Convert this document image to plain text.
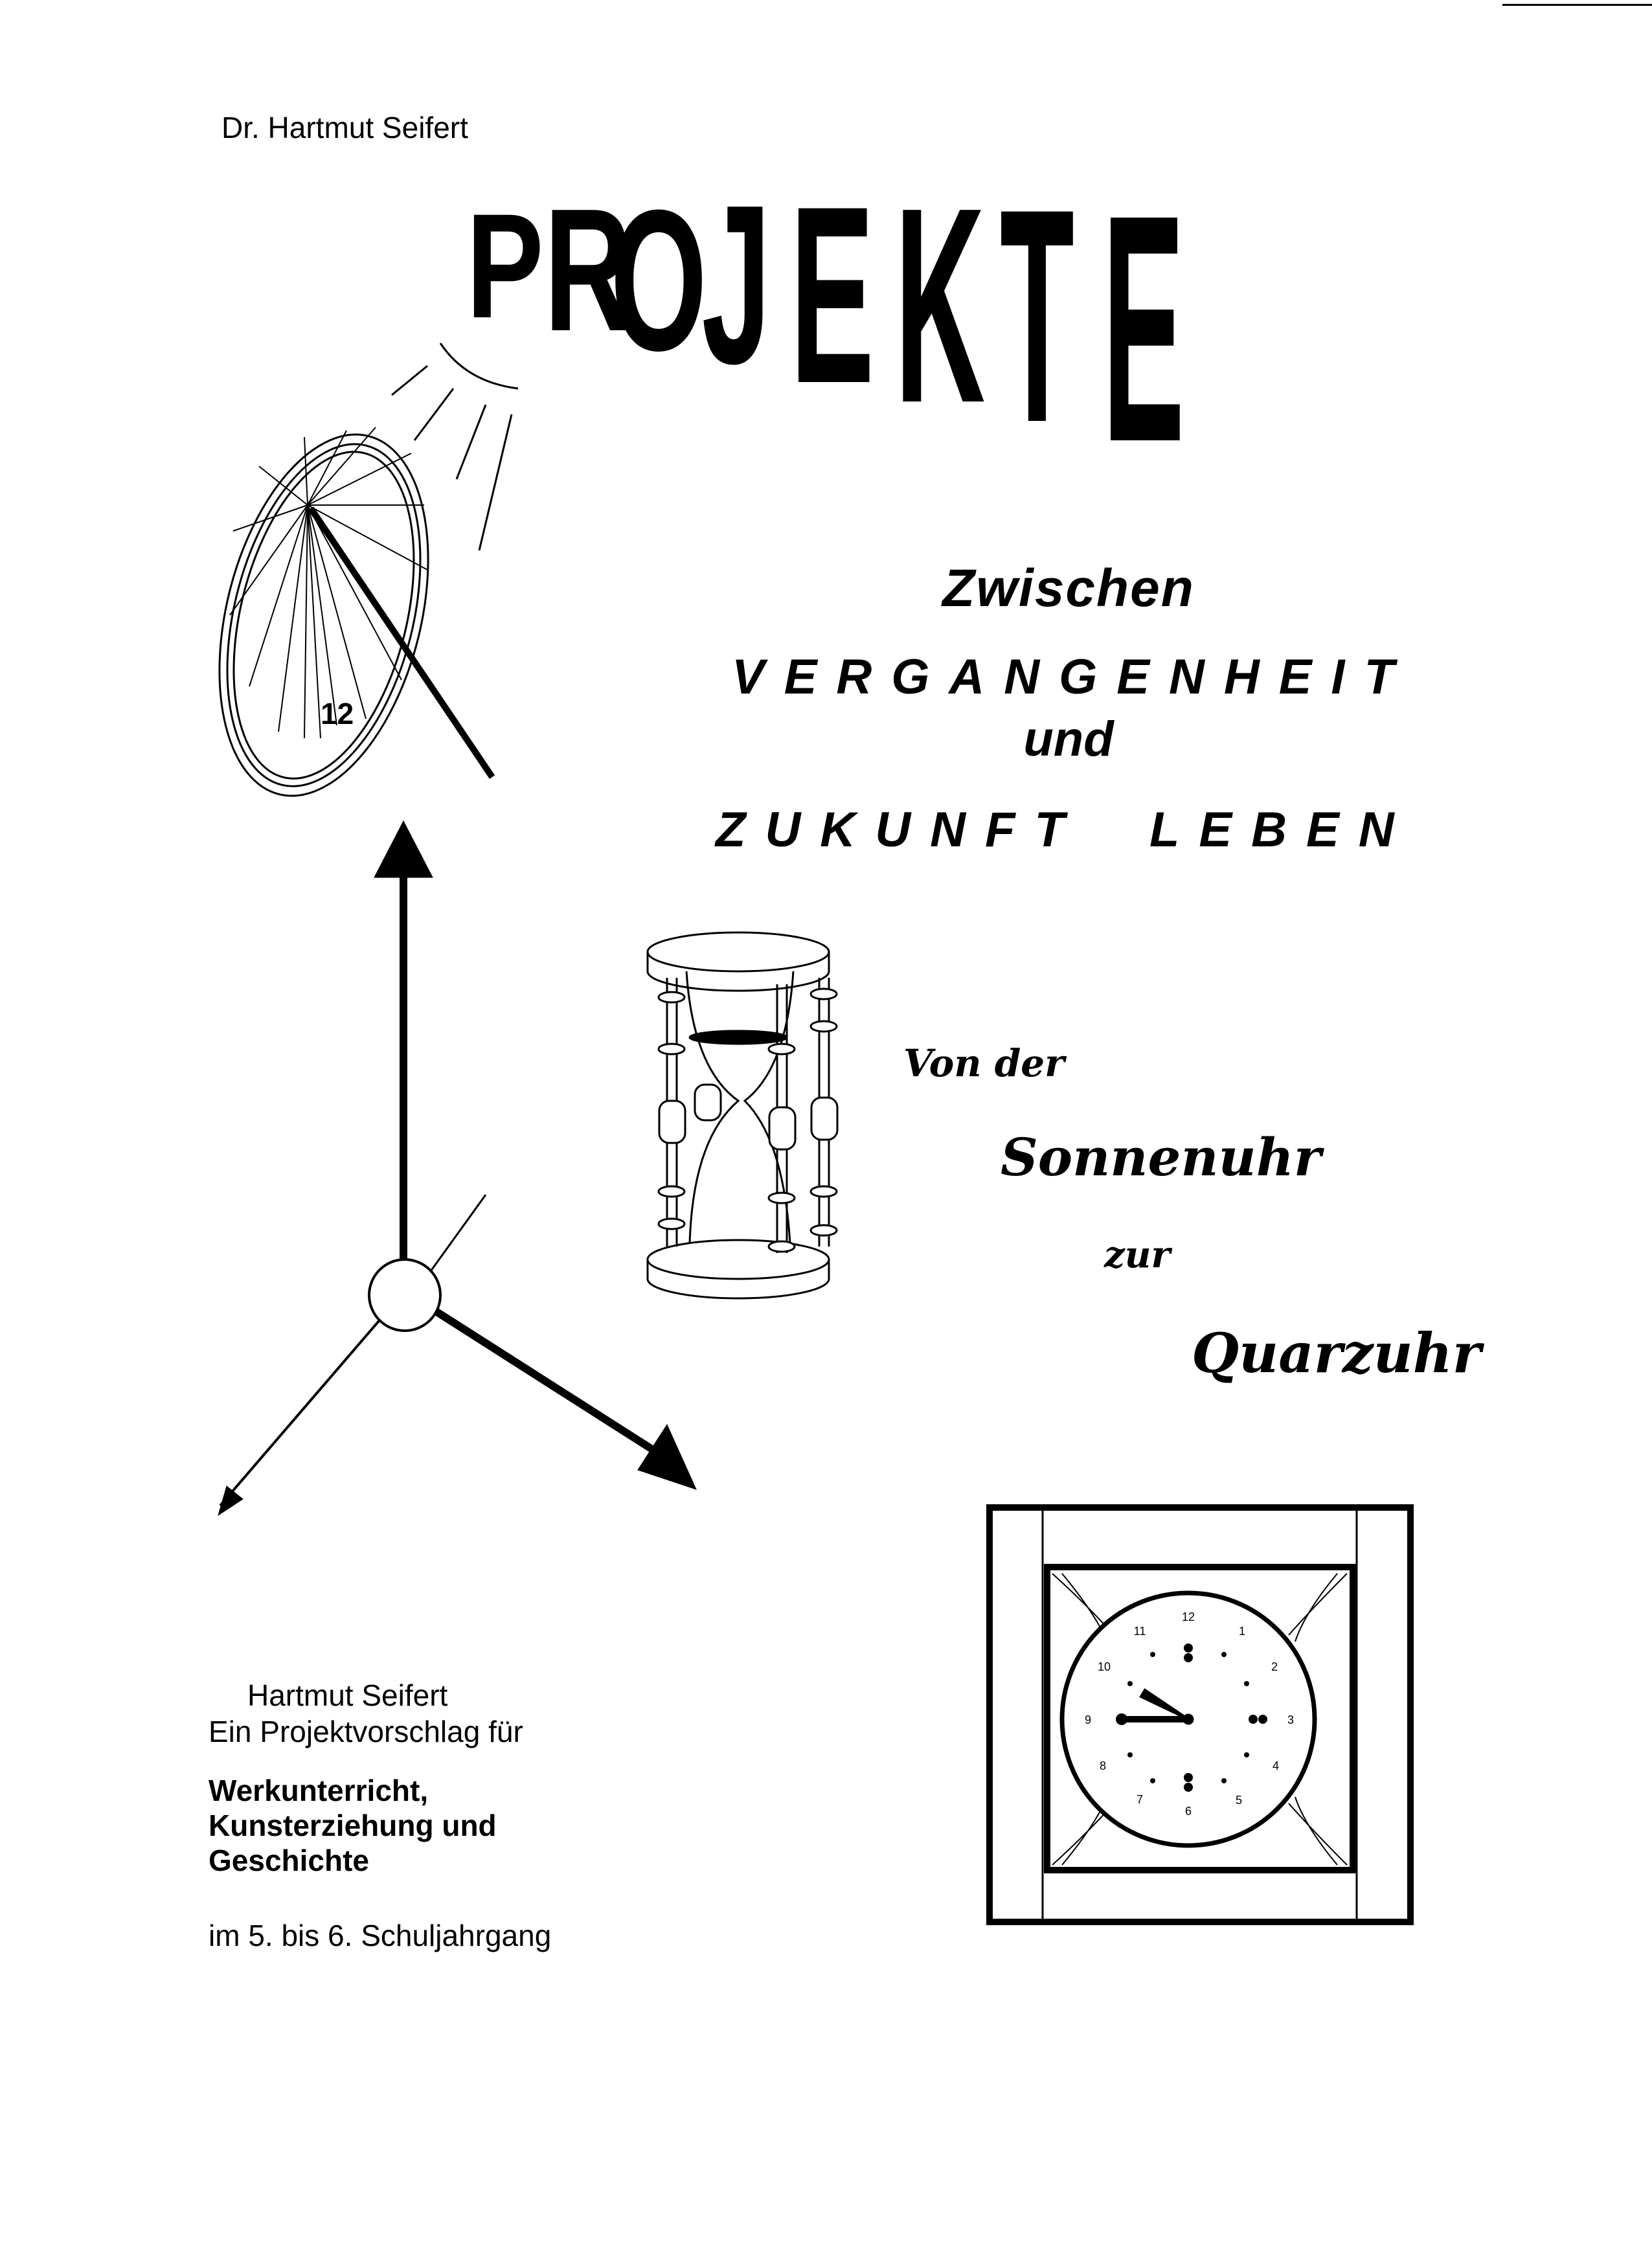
Dr. Hartmut Seifert
P R
O
J E K T E
12
12
1
2
3
4
5
6
7
8
9
10
11
Zwischen
VERGANGENHEIT
und
ZUKUNFT LEBEN
Von der
Sonnenuhr
zur
Quarzuhr
Hartmut Seifert
Ein Projektvorschlag für
Werkunterricht,
Kunsterziehung und
Geschichte
im 5. bis 6. Schuljahrgang
